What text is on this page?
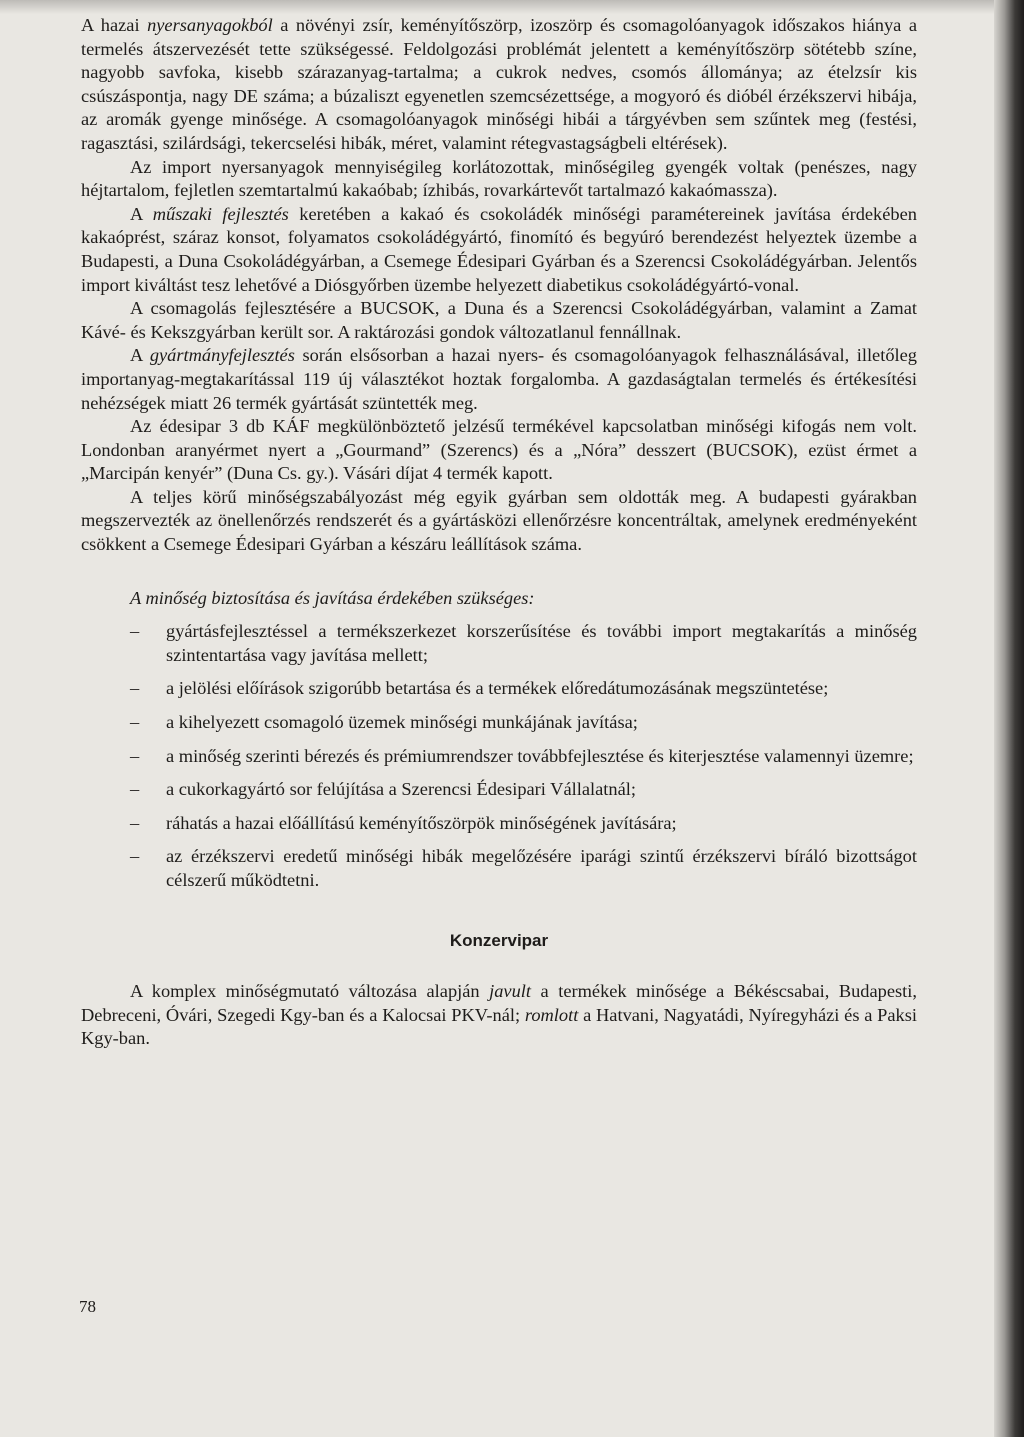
A hazai nyersanyagokból a növényi zsír, keményítőszörp, izoszörp és csomagolóanyagok időszakos hiánya a termelés átszervezését tette szükségessé. Feldolgozási problémát jelentett a keményítőszörp sötétebb színe, nagyobb savfoka, kisebb szárazanyag-tartalma; a cukrok nedves, csomós állománya; az ételzsír kis csúszáspontja, nagy DE száma; a búzaliszt egyenetlen szemcsézettsége, a mogyoró és dióbél érzékszervi hibája, az aromák gyenge minősége. A csomagolóanyagok minőségi hibái a tárgyévben sem szűntek meg (festési, ragasztási, szilárdsági, tekercselési hibák, méret, valamint rétegvastagságbeli eltérések).

Az import nyersanyagok mennyiségileg korlátozottak, minőségileg gyengék voltak (penészes, nagy héjtartalom, fejletlen szemtartalmú kakaóbab; ízhibás, rovarkártevőt tartalmazó kakaómassza).

A műszaki fejlesztés keretében a kakaó és csokoládék minőségi paramétereinek javítása érdekében kakaóprést, száraz konsot, folyamatos csokoládégyártó, finomító és begyúró berendezést helyeztek üzembe a Budapesti, a Duna Csokoládégyárban, a Csemege Édesipari Gyárban és a Szerencsi Csokoládégyárban. Jelentős import kiváltást tesz lehetővé a Diósgyőrben üzembe helyezett diabetikus csokoládégyártó-vonal.

A csomagolás fejlesztésére a BUCSOK, a Duna és a Szerencsi Csokoládégyárban, valamint a Zamat Kávé- és Kekszgyárban került sor. A raktározási gondok változatlanul fennállnak.

A gyártmányfejlesztés során elsősorban a hazai nyers- és csomagolóanyagok felhasználásával, illetőleg importanyag-megtakarítással 119 új választékot hoztak forgalomba. A gazdaságtalan termelés és értékesítési nehézségek miatt 26 termék gyártását szüntették meg.

Az édesipar 3 db KÁF megkülönböztető jelzésű termékével kapcsolatban minőségi kifogás nem volt. Londonban aranyérmet nyert a „Gourmand” (Szerencs) és a „Nóra” desszert (BUCSOK), ezüst érmet a „Marcipán kenyér” (Duna Cs. gy.). Vásári díjat 4 termék kapott.

A teljes körű minőségszabályozást még egyik gyárban sem oldották meg. A budapesti gyárakban megszervezték az önellenőrzés rendszerét és a gyártásközi ellenőrzésre koncentráltak, amelynek eredményeként csökkent a Csemege Édesipari Gyárban a készáru leállítások száma.

A minőség biztosítása és javítása érdekében szükséges:

– gyártásfejlesztéssel a termékszerkezet korszerűsítése és további import megtakarítás a minőség szintentartása vagy javítása mellett;
– a jelölési előírások szigorúbb betartása és a termékek előredátumozásának megszüntetése;
– a kihelyezett csomagoló üzemek minőségi munkájának javítása;
– a minőség szerinti bérezés és prémiumrendszer továbbfejlesztése és kiterjesztése valamennyi üzemre;
– a cukorkagyártó sor felújítása a Szerencsi Édesipari Vállalatnál;
– ráhatás a hazai előállítású keményítőszörpök minőségének javítására;
– az érzékszervi eredetű minőségi hibák megelőzésére iparági szintű érzékszervi bíráló bizottságot célszerű működtetni.
Konzervipar

A komplex minőségmutató változása alapján javult a termékek minősége a Békéscsabai, Budapesti, Debreceni, Óvári, Szegedi Kgy-ban és a Kalocsai PKV-nál; romlott a Hatvani, Nagyatádi, Nyíregyházi és a Paksi Kgy-ban.

78
